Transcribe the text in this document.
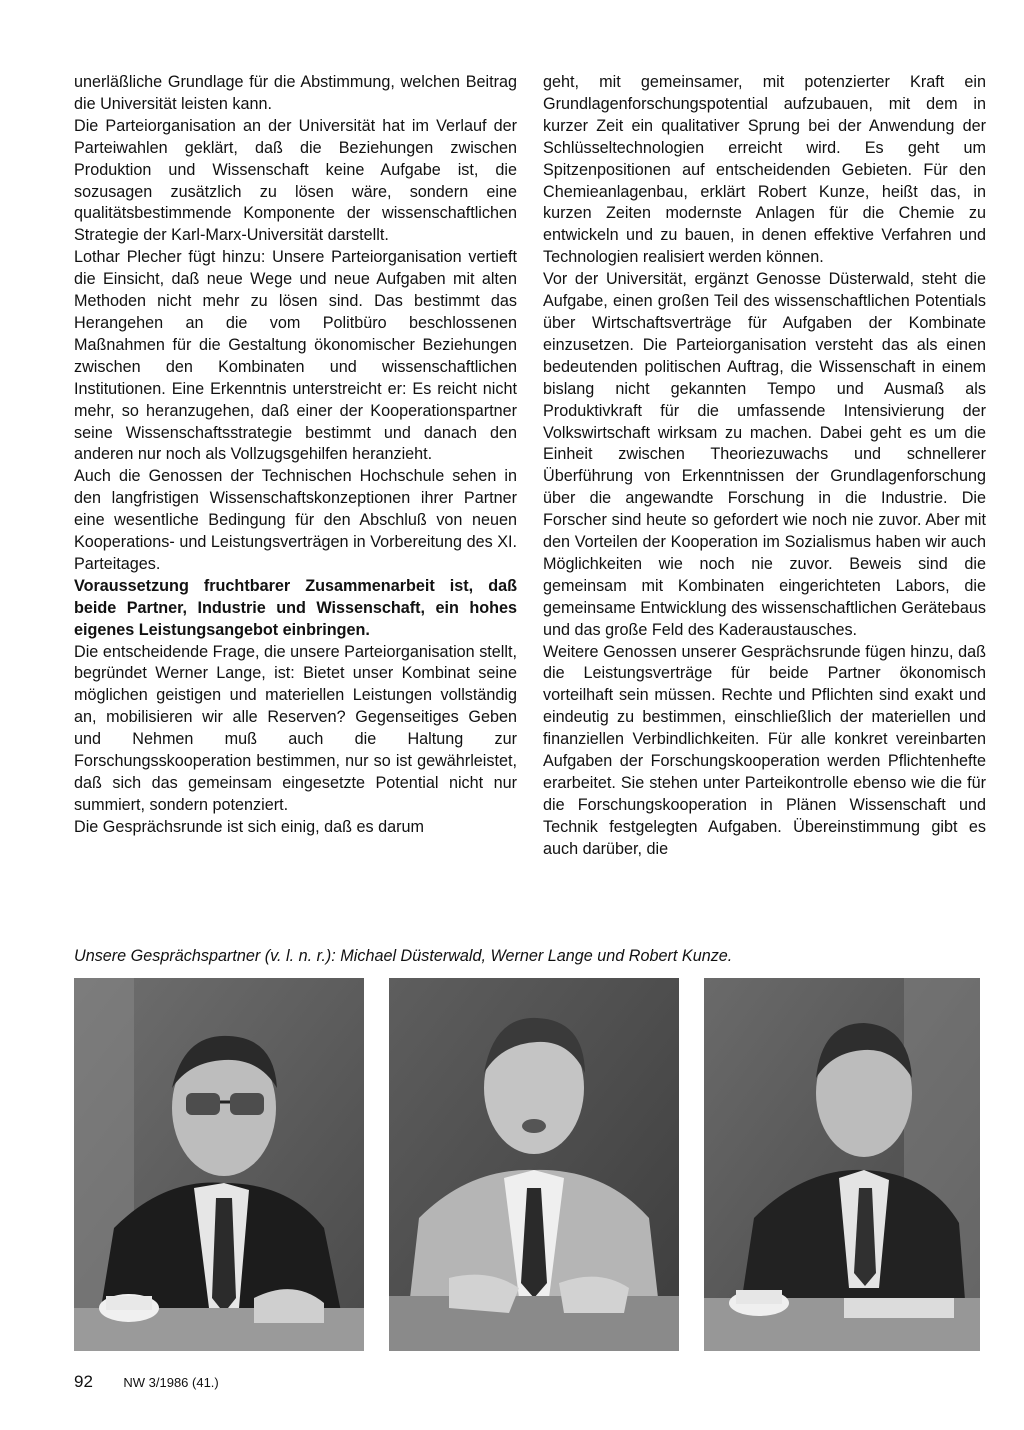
unerläßliche Grundlage für die Abstimmung, welchen Beitrag die Universität leisten kann.

Die Parteiorganisation an der Universität hat im Verlauf der Parteiwahlen geklärt, daß die Beziehungen zwischen Produktion und Wissenschaft keine Aufgabe ist, die sozusagen zusätzlich zu lösen wäre, sondern eine qualitätsbestimmende Komponente der wissenschaftlichen Strategie der Karl-Marx-Universität darstellt.

Lothar Plecher fügt hinzu: Unsere Parteiorganisation vertieft die Einsicht, daß neue Wege und neue Aufgaben mit alten Methoden nicht mehr zu lösen sind. Das bestimmt das Herangehen an die vom Politbüro beschlossenen Maßnahmen für die Gestaltung ökonomischer Beziehungen zwischen den Kombinaten und wissenschaftlichen Institutionen. Eine Erkenntnis unterstreicht er: Es reicht nicht mehr, so heranzugehen, daß einer der Kooperationspartner seine Wissenschaftsstrategie bestimmt und danach den anderen nur noch als Vollzugsgehilfen heranzieht.

Auch die Genossen der Technischen Hochschule sehen in den langfristigen Wissenschaftskonzeptionen ihrer Partner eine wesentliche Bedingung für den Abschluß von neuen Kooperations- und Leistungsverträgen in Vorbereitung des XI. Parteitages.

Voraussetzung fruchtbarer Zusammenarbeit ist, daß beide Partner, Industrie und Wissenschaft, ein hohes eigenes Leistungsangebot einbringen.

Die entscheidende Frage, die unsere Parteiorganisation stellt, begründet Werner Lange, ist: Bietet unser Kombinat seine möglichen geistigen und materiellen Leistungen vollständig an, mobilisieren wir alle Reserven? Gegenseitiges Geben und Nehmen muß auch die Haltung zur Forschungsskooperation bestimmen, nur so ist gewährleistet, daß sich das gemeinsam eingesetzte Potential nicht nur summiert, sondern potenziert.

Die Gesprächsrunde ist sich einig, daß es darum

geht, mit gemeinsamer, mit potenzierter Kraft ein Grundlagenforschungspotential aufzubauen, mit dem in kurzer Zeit ein qualitativer Sprung bei der Anwendung der Schlüsseltechnologien erreicht wird. Es geht um Spitzenpositionen auf entscheidenden Gebieten. Für den Chemieanlagenbau, erklärt Robert Kunze, heißt das, in kurzen Zeiten modernste Anlagen für die Chemie zu entwickeln und zu bauen, in denen effektive Verfahren und Technologien realisiert werden können.

Vor der Universität, ergänzt Genosse Düsterwald, steht die Aufgabe, einen großen Teil des wissenschaftlichen Potentials über Wirtschaftsverträge für Aufgaben der Kombinate einzusetzen. Die Parteiorganisation versteht das als einen bedeutenden politischen Auftrag, die Wissenschaft in einem bislang nicht gekannten Tempo und Ausmaß als Produktivkraft für die umfassende Intensivierung der Volkswirtschaft wirksam zu machen. Dabei geht es um die Einheit zwischen Theoriezuwachs und schnellerer Überführung von Erkenntnissen der Grundlagenforschung über die angewandte Forschung in die Industrie. Die Forscher sind heute so gefordert wie noch nie zuvor. Aber mit den Vorteilen der Kooperation im Sozialismus haben wir auch Möglichkeiten wie noch nie zuvor. Beweis sind die gemeinsam mit Kombinaten eingerichteten Labors, die gemeinsame Entwicklung des wissenschaftlichen Gerätebaus und das große Feld des Kaderaustausches.

Weitere Genossen unserer Gesprächsrunde fügen hinzu, daß die Leistungsverträge für beide Partner ökonomisch vorteilhaft sein müssen. Rechte und Pflichten sind exakt und eindeutig zu bestimmen, einschließlich der materiellen und finanziellen Verbindlichkeiten. Für alle konkret vereinbarten Aufgaben der Forschungskooperation werden Pflichtenhefte erarbeitet. Sie stehen unter Parteikontrolle ebenso wie die für die Forschungskooperation in Plänen Wissenschaft und Technik festgelegten Aufgaben. Übereinstimmung gibt es auch darüber, die

Unsere Gesprächspartner (v. l. n. r.): Michael Düsterwald, Werner Lange und Robert Kunze.
92 NW 3/1986 (41.)
